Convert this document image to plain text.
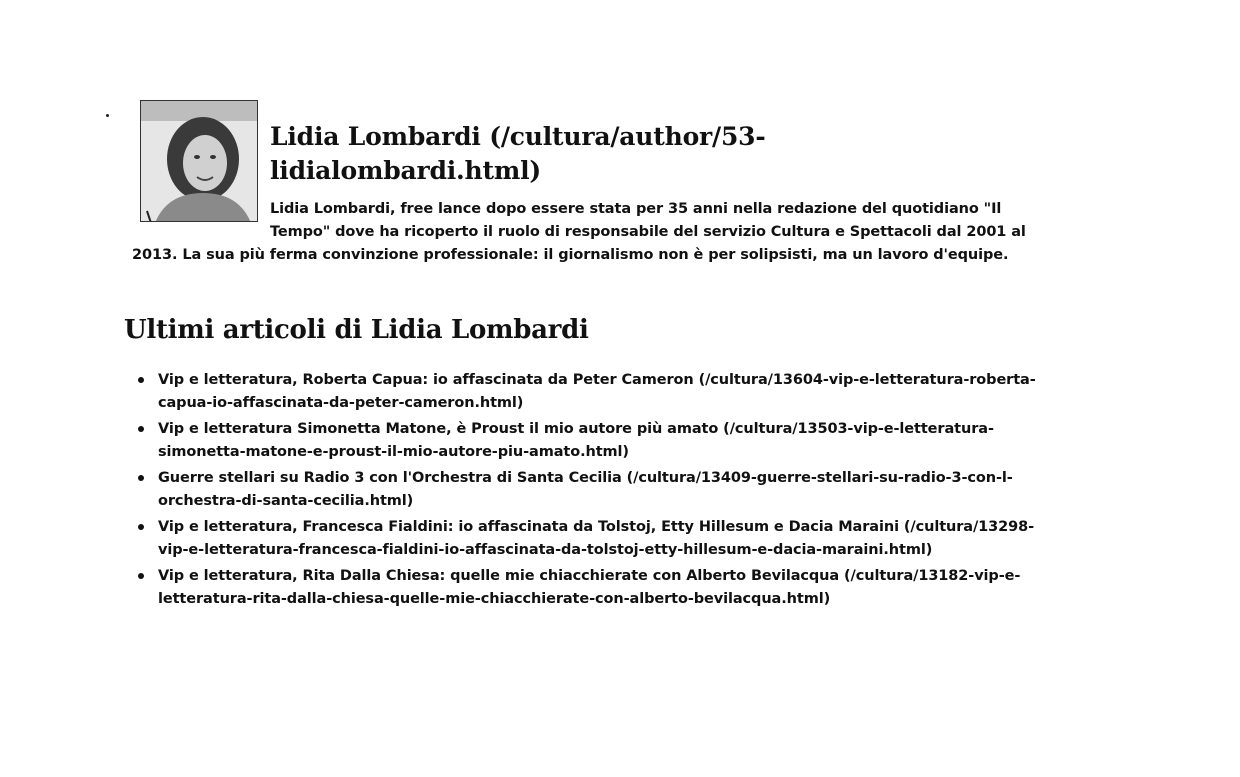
Lidia Lombardi (/cultura/author/53-lidialombardi.html)

Lidia Lombardi, free lance dopo essere stata per 35 anni nella redazione del quotidiano "Il Tempo" dove ha ricoperto il ruolo di responsabile del servizio Cultura e Spettacoli dal 2001 al 2013. La sua più ferma convinzione professionale: il giornalismo non è per solipsisti, ma un lavoro d'equipe.

Ultimi articoli di Lidia Lombardi
Vip e letteratura, Roberta Capua: io affascinata da Peter Cameron (/cultura/13604-vip-e-letteratura-roberta-capua-io-affascinata-da-peter-cameron.html)
Vip e letteratura Simonetta Matone, è Proust il mio autore più amato (/cultura/13503-vip-e-letteratura-simonetta-matone-e-proust-il-mio-autore-piu-amato.html)
Guerre stellari su Radio 3 con l'Orchestra di Santa Cecilia (/cultura/13409-guerre-stellari-su-radio-3-con-l-orchestra-di-santa-cecilia.html)
Vip e letteratura, Francesca Fialdini: io affascinata da Tolstoj, Etty Hillesum e Dacia Maraini (/cultura/13298-vip-e-letteratura-francesca-fialdini-io-affascinata-da-tolstoj-etty-hillesum-e-dacia-maraini.html)
Vip e letteratura, Rita Dalla Chiesa: quelle mie chiacchierate con Alberto Bevilacqua (/cultura/13182-vip-e-letteratura-rita-dalla-chiesa-quelle-mie-chiacchierate-con-alberto-bevilacqua.html)
